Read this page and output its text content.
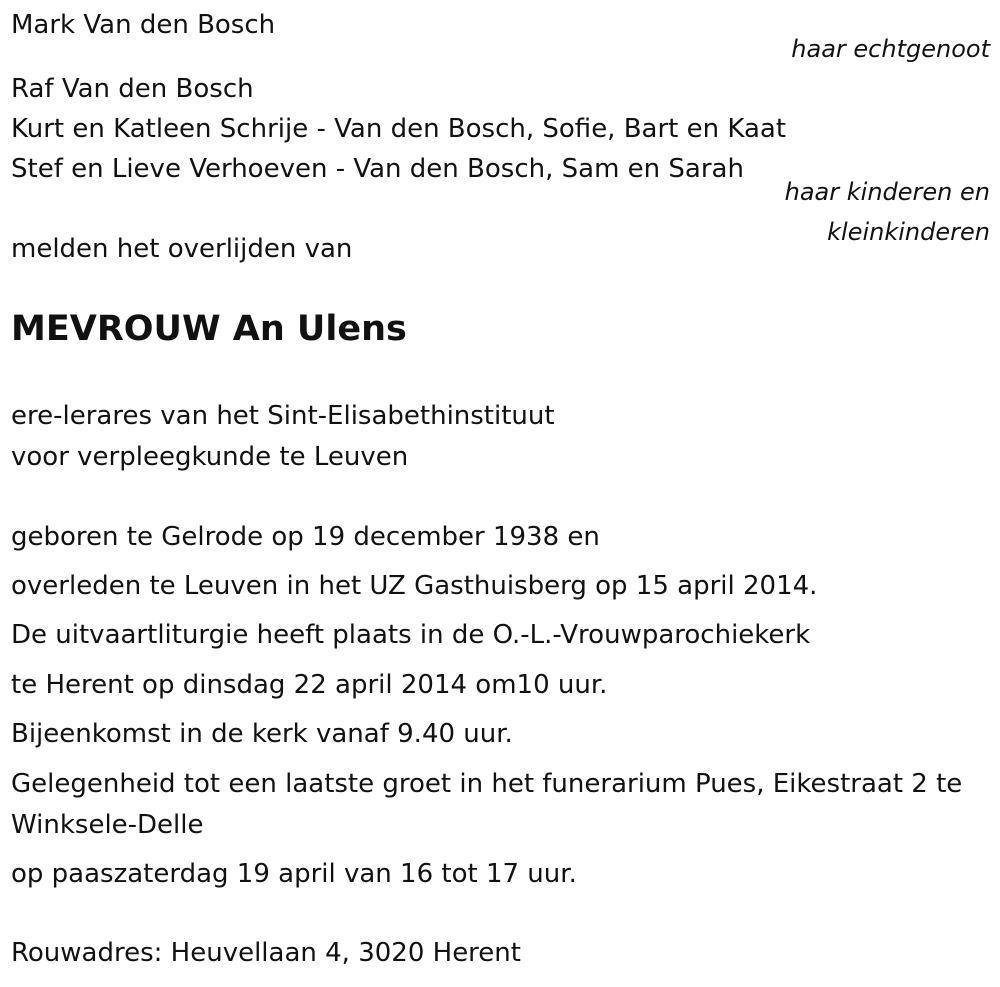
Mark Van den Bosch
haar echtgenoot
Raf Van den Bosch
Kurt en Katleen Schrije - Van den Bosch, Sofie, Bart en Kaat
Stef en Lieve Verhoeven - Van den Bosch, Sam en Sarah
haar kinderen en
kleinkinderen
melden het overlijden van
MEVROUW An Ulens
ere-lerares van het Sint-Elisabethinstituut
voor verpleegkunde te Leuven
geboren te Gelrode op 19 december 1938 en
overleden te Leuven in het UZ Gasthuisberg op 15 april 2014.
De uitvaartliturgie heeft plaats in de O.-L.-Vrouwparochiekerk
te Herent op dinsdag 22 april 2014 om10 uur.
Bijeenkomst in de kerk vanaf 9.40 uur.
Gelegenheid tot een laatste groet in het funerarium Pues, Eikestraat 2 te
Winksele-Delle
op paaszaterdag 19 april van 16 tot 17 uur.
Rouwadres: Heuvellaan 4, 3020 Herent
